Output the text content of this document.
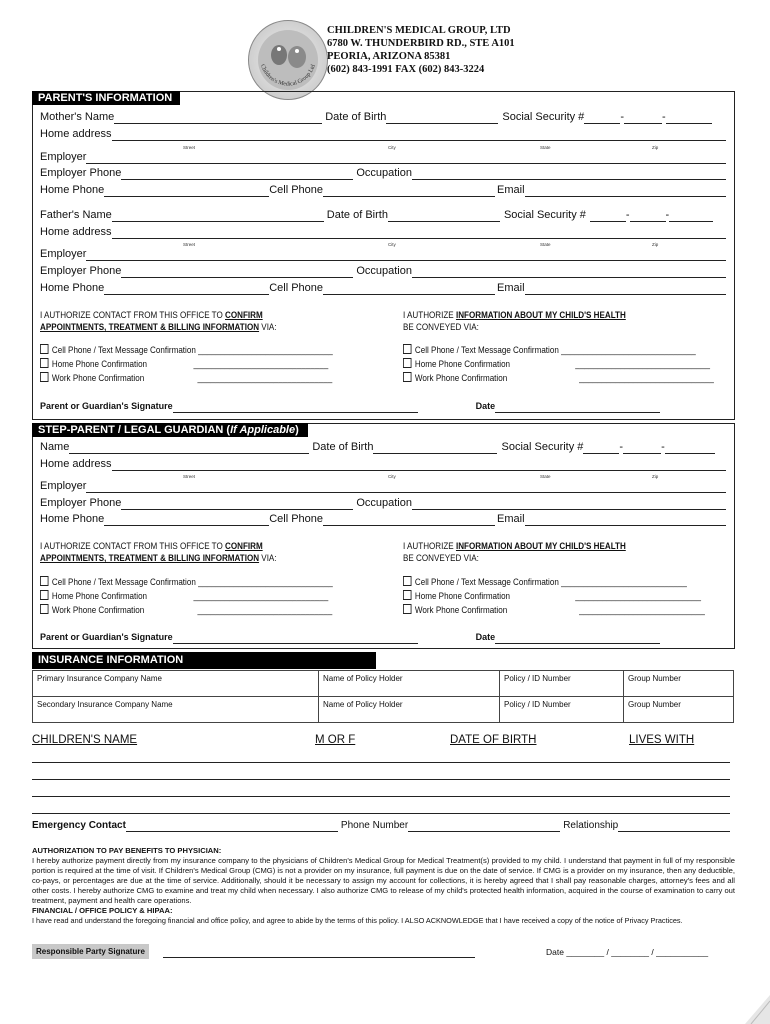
Children's Medical Group Ltd
CHILDREN'S MEDICAL GROUP, LTD
6780 W. THUNDERBIRD RD., STE A101
PEORIA, ARIZONA 85381
(602) 843-1991 FAX (602) 843-3224
PARENT'S INFORMATION
Mother's Name	Date of Birth	Social Security #	-	-
Home address
Street	City	State	Zip
Employer
Employer Phone	Occupation
Home Phone	Cell Phone	Email
Father's Name	Date of Birth	Social Security #	-	-
Home address
Street	City	State	Zip
Employer
Employer Phone	Occupation
Home Phone	Cell Phone	Email
I AUTHORIZE CONTACT FROM THIS OFFICE TO CONFIRM
APPOINTMENTS, TREATMENT & BILLING INFORMATION VIA:
I AUTHORIZE INFORMATION ABOUT MY CHILD'S HEALTH
BE CONVEYED VIA:
Cell Phone / Text Message Confirmation ______________________________
Home Phone Confirmation	______________________________
Work Phone Confirmation	______________________________
Cell Phone / Text Message Confirmation ______________________________
Home Phone Confirmation	______________________________
Work Phone Confirmation	______________________________
Parent or Guardian's Signature	Date
STEP-PARENT / LEGAL GUARDIAN (If Applicable)
Name	Date of Birth	Social Security #	-	-
Home address
Street	City	State	Zip
Employer
Employer Phone	Occupation
Home Phone	Cell Phone	Email
I AUTHORIZE CONTACT FROM THIS OFFICE TO CONFIRM
APPOINTMENTS, TREATMENT & BILLING INFORMATION VIA:
I AUTHORIZE INFORMATION ABOUT MY CHILD'S HEALTH
BE CONVEYED VIA:
Cell Phone / Text Message Confirmation ______________________________
Home Phone Confirmation	______________________________
Work Phone Confirmation	______________________________
Cell Phone / Text Message Confirmation ____________________________
Home Phone Confirmation	____________________________
Work Phone Confirmation	____________________________
Parent or Guardian's Signature	Date
INSURANCE INFORMATION
Primary Insurance Company Name	Name of Policy Holder	Policy / ID Number	Group Number
Secondary Insurance Company Name	Name of Policy Holder	Policy / ID Number	Group Number
CHILDREN'S NAME	M OR F	DATE OF BIRTH	LIVES WITH
Emergency Contact	Phone Number	Relationship
AUTHORIZATION TO PAY BENEFITS TO PHYSICIAN:
I hereby authorize payment directly from my insurance company to the physicians of Children's Medical Group for Medical Treatment(s) provided to my child. I understand that payment in full of my responsible portion is required at the time of visit. If Children's Medical Group (CMG) is not a provider on my insurance, full payment is due on the date of service. If CMG is a provider on my insurance, then any deductible, co-pays, or percentages are due at the time of service. Additionally, should it be necessary to assign my account for collections, it is hereby agreed that I shall pay reasonable charges, attorney's fees and all other costs. I hereby authorize CMG to examine and treat my child when necessary. I also authorize CMG to release of my child's protected health information, acquired in the course of examination to carry out treatment, payment and health care operations.
FINANCIAL / OFFICE POLICY & HIPAA:
I have read and understand the foregoing financial and office policy, and agree to abide by the terms of this policy. I ALSO ACKNOWLEDGE that I have received a copy of the notice of Privacy Practices.
Responsible Party Signature	Date ________ / ________ / ___________
